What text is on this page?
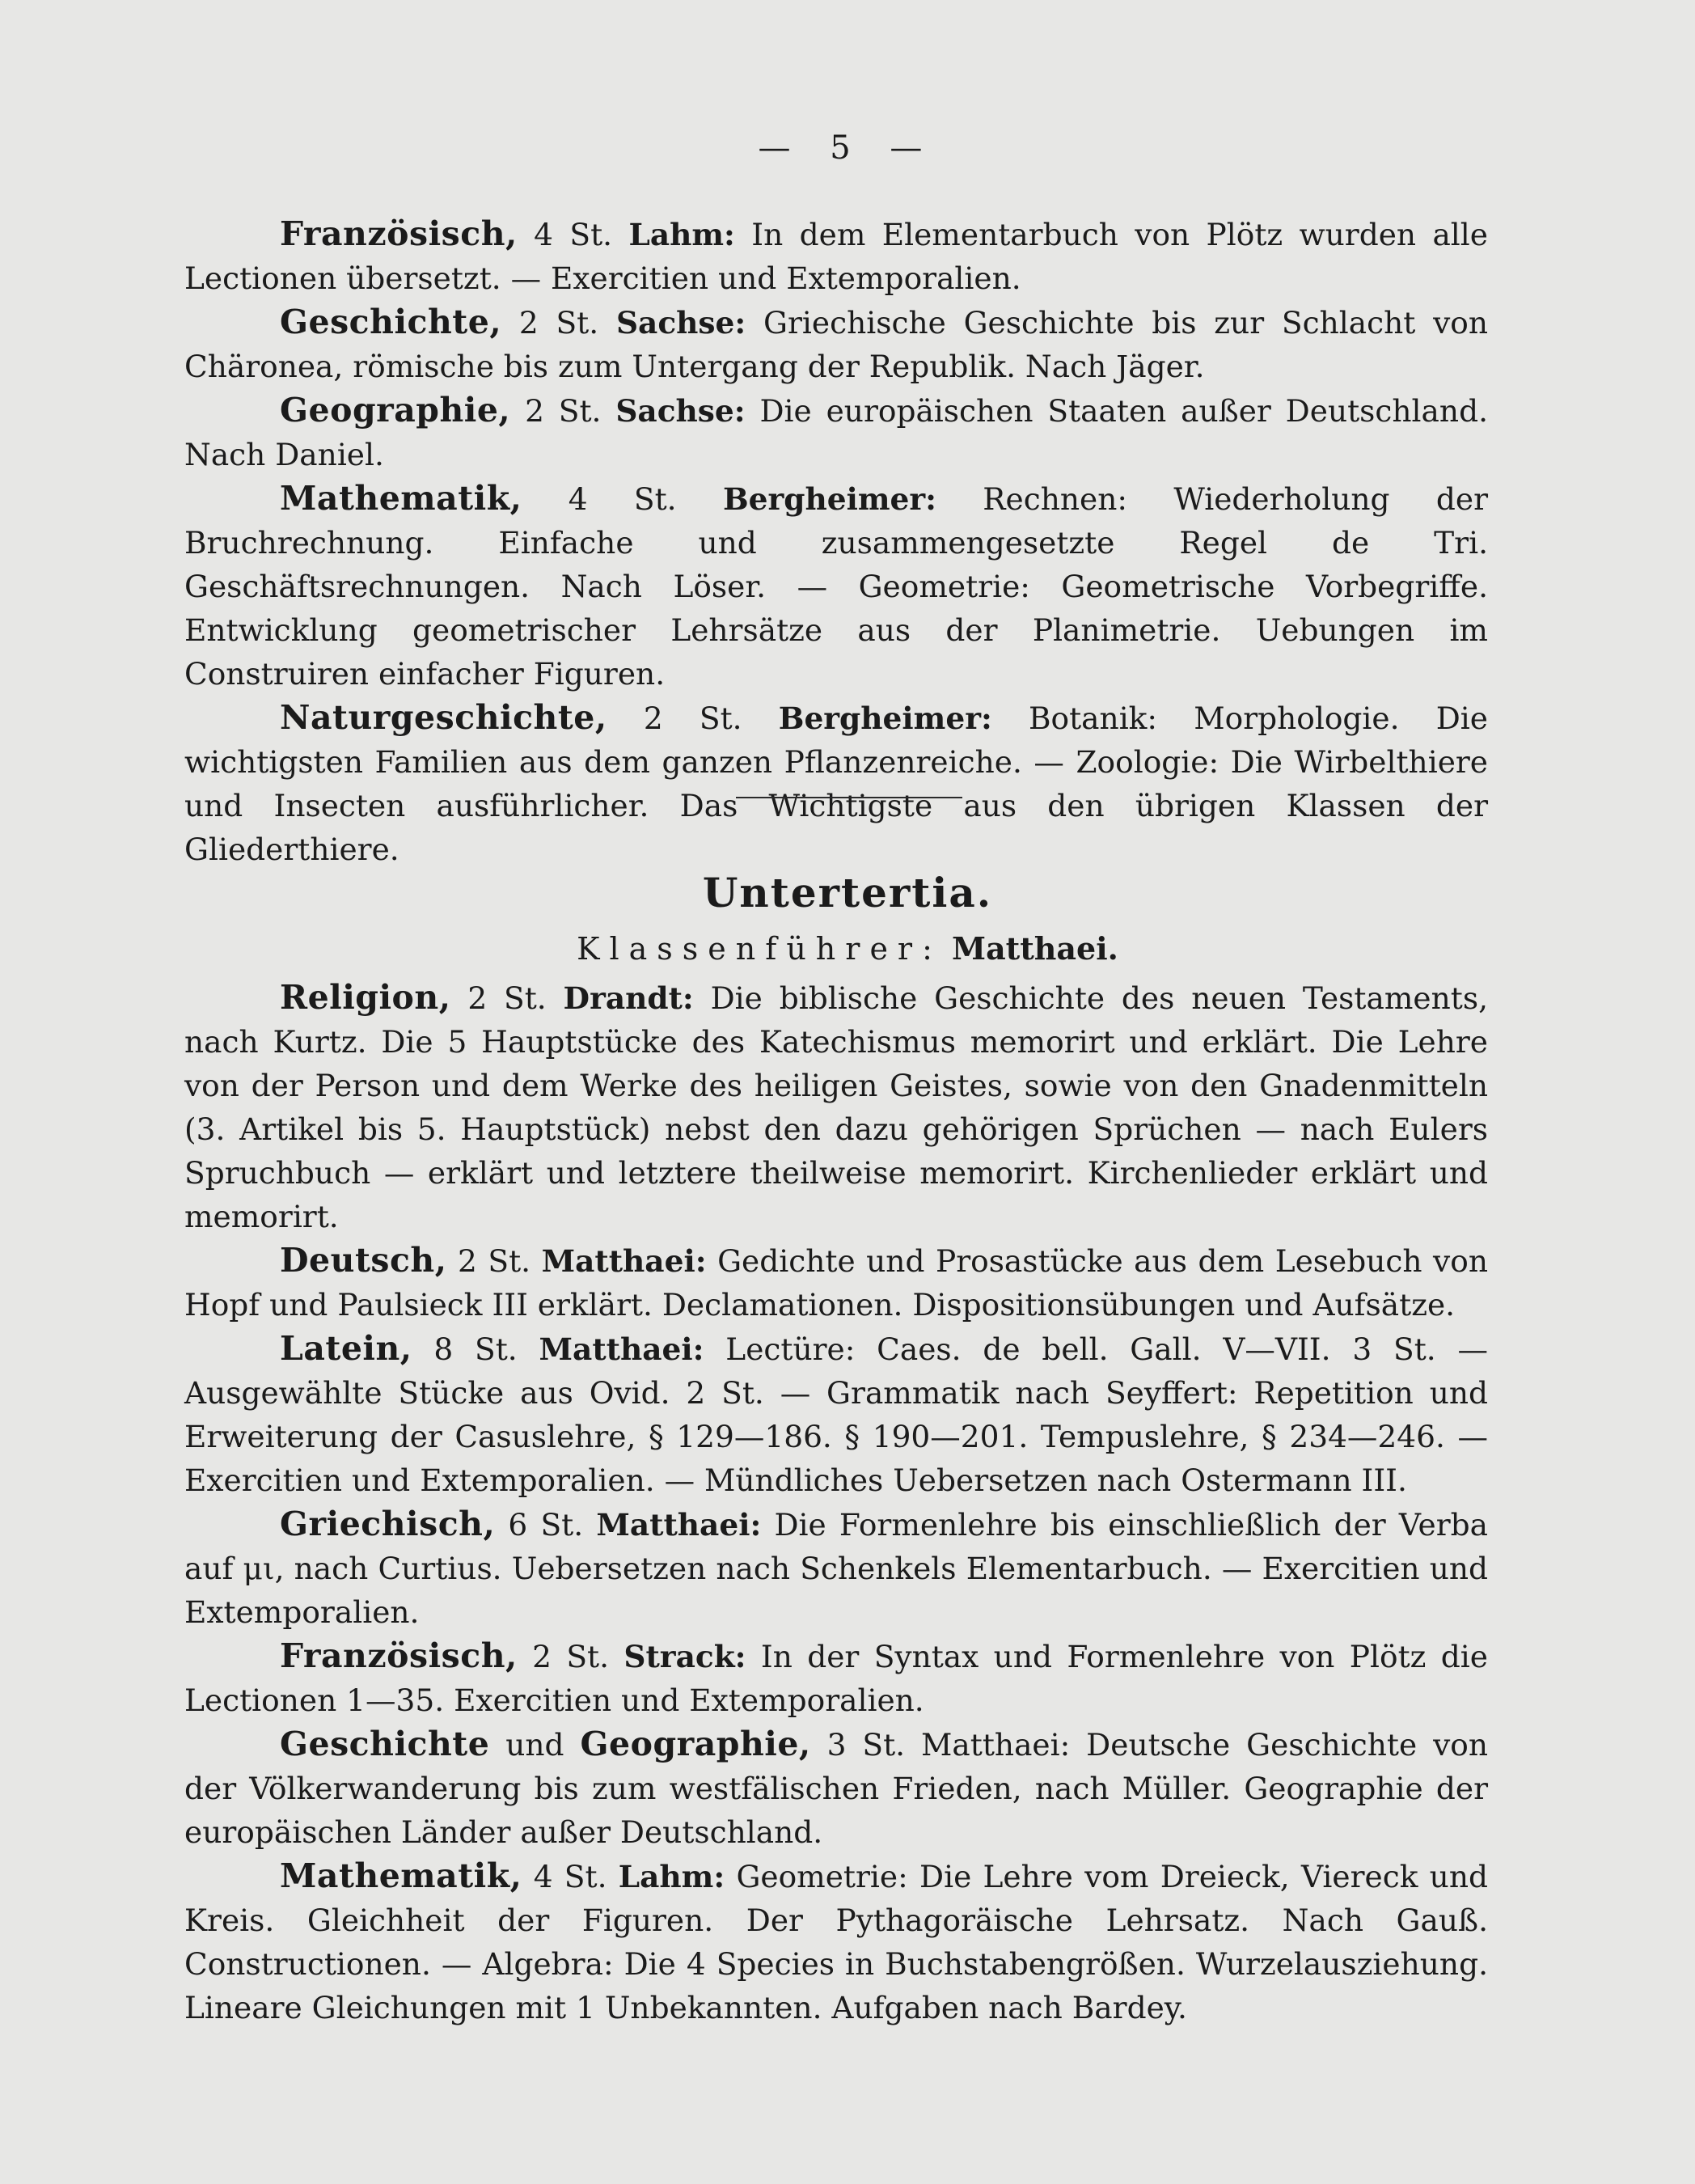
— 5 —

Französisch, 4 St. Lahm: In dem Elementarbuch von Plötz wurden alle Lectionen übersetzt. — Exercitien und Extemporalien.

Geschichte, 2 St. Sachse: Griechische Geschichte bis zur Schlacht von Chäronea, römische bis zum Untergang der Republik. Nach Jäger.

Geographie, 2 St. Sachse: Die europäischen Staaten außer Deutschland. Nach Daniel.

Mathematik, 4 St. Bergheimer: Rechnen: Wiederholung der Bruchrechnung. Einfache und zusammengesetzte Regel de Tri. Geschäftsrechnungen. Nach Löser. — Geometrie: Geometrische Vorbegriffe. Entwicklung geometrischer Lehrsätze aus der Planimetrie. Uebungen im Construiren einfacher Figuren.

Naturgeschichte, 2 St. Bergheimer: Botanik: Morphologie. Die wichtigsten Familien aus dem ganzen Pflanzenreiche. — Zoologie: Die Wirbelthiere und Insecten ausführlicher. Das Wichtigste aus den übrigen Klassen der Gliederthiere.

Untertertia.
Klassenführer: Matthaei.

Religion, 2 St. Drandt: Die biblische Geschichte des neuen Testaments, nach Kurtz. Die 5 Hauptstücke des Katechismus memorirt und erklärt. Die Lehre von der Person und dem Werke des heiligen Geistes, sowie von den Gnadenmitteln (3. Artikel bis 5. Hauptstück) nebst den dazu gehörigen Sprüchen — nach Eulers Spruchbuch — erklärt und letztere theilweise memorirt. Kirchenlieder erklärt und memorirt.

Deutsch, 2 St. Matthaei: Gedichte und Prosastücke aus dem Lesebuch von Hopf und Paulsieck III erklärt. Declamationen. Dispositionsübungen und Aufsätze.

Latein, 8 St. Matthaei: Lectüre: Caes. de bell. Gall. V—VII. 3 St. — Ausgewählte Stücke aus Ovid. 2 St. — Grammatik nach Seyffert: Repetition und Erweiterung der Casuslehre, § 129—186. § 190—201. Tempuslehre, § 234—246. — Exercitien und Extemporalien. — Mündliches Uebersetzen nach Ostermann III.

Griechisch, 6 St. Matthaei: Die Formenlehre bis einschließlich der Verba auf μι, nach Curtius. Uebersetzen nach Schenkels Elementarbuch. — Exercitien und Extemporalien.

Französisch, 2 St. Strack: In der Syntax und Formenlehre von Plötz die Lectionen 1—35. Exercitien und Extemporalien.

Geschichte und Geographie, 3 St. Matthaei: Deutsche Geschichte von der Völkerwanderung bis zum westfälischen Frieden, nach Müller. Geographie der europäischen Länder außer Deutschland.

Mathematik, 4 St. Lahm: Geometrie: Die Lehre vom Dreieck, Viereck und Kreis. Gleichheit der Figuren. Der Pythagoräische Lehrsatz. Nach Gauß. Constructionen. — Algebra: Die 4 Species in Buchstabengrößen. Wurzelausziehung. Lineare Gleichungen mit 1 Unbekannten. Aufgaben nach Bardey.
